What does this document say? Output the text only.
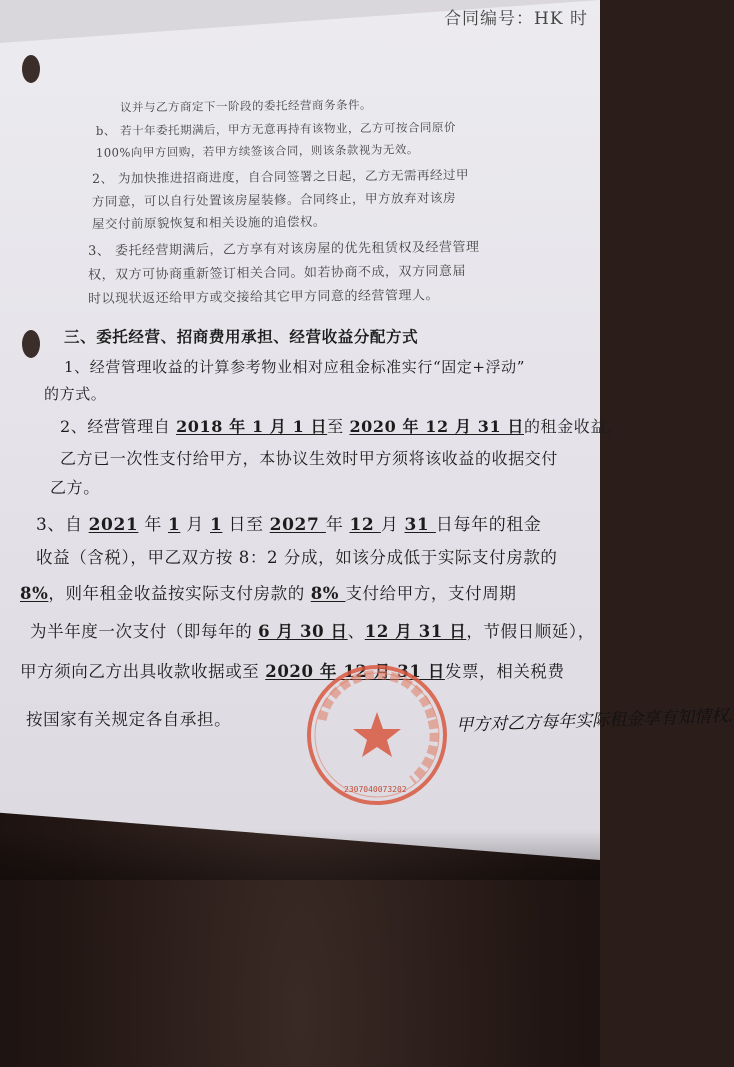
合同编号：HK 时
议并与乙方商定下一阶段的委托经营商务条件。
b、 若十年委托期满后，甲方无意再持有该物业，乙方可按合同原价
100%向甲方回购，若甲方续签该合同，则该条款视为无效。
2、 为加快推进招商进度，自合同签署之日起，乙方无需再经过甲
方同意，可以自行处置该房屋装修。合同终止，甲方放弃对该房
屋交付前原貌恢复和相关设施的追偿权。
3、 委托经营期满后，乙方享有对该房屋的优先租赁权及经营管理
权，双方可协商重新签订相关合同。如若协商不成，双方同意届
时以现状返还给甲方或交接给其它甲方同意的经营管理人。
三、委托经营、招商费用承担、经营收益分配方式
1、经营管理收益的计算参考物业相对应租金标准实行“固定+浮动”
的方式。
2、经营管理自 2018 年 1 月 1 日至 2020 年 12 月 31 日的租金收益，
乙方已一次性支付给甲方，本协议生效时甲方须将该收益的收据交付
乙方。
3、自 2021 年 1 月 1 日至 2027 年 12 月 31 日每年的租金
收益（含税），甲乙双方按 8：2 分成，如该分成低于实际支付房款的
8%，则年租金收益按实际支付房款的 8% 支付给甲方，支付周期
为半年度一次支付（即每年的 6 月 30 日、12 月 31 日，节假日顺延），
甲方须向乙方出具收款收据或至 2020 年 12 月 31 日发票，相关税费
按国家有关规定各自承担。
2307040073202
甲方对乙方每年实际租金享有知情权.
